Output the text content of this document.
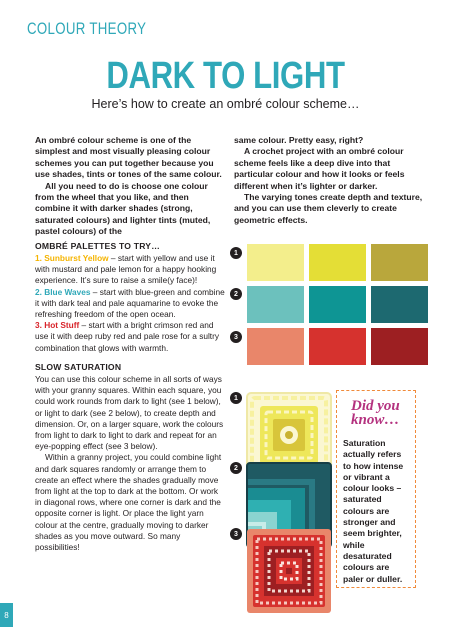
COLOUR THEORY
DARK TO LIGHT
Here’s how to create an ombré colour scheme…

An ombré colour scheme is one of the simplest and most visually pleasing colour schemes you can put together because you use shades, tints or tones of the same colour.

All you need to do is choose one colour from the wheel that you like, and then combine it with darker shades (strong, saturated colours) and lighter tints (muted, pastel colours) of the

same colour. Pretty easy, right?

A crochet project with an ombré colour scheme feels like a deep dive into that particular colour and how it looks or feels different when it’s lighter or darker.

The varying tones create depth and texture, and you can use them cleverly to create geometric effects.

OMBRÉ PALETTES TO TRY…

1. Sunburst Yellow – start with yellow and use it with mustard and pale lemon for a happy hooking experience. It’s sure to raise a smile(y face)!

2. Blue Waves – start with blue-green and combine it with dark teal and pale aquamarine to evoke the refreshing freedom of the open ocean.

3. Hot Stuff – start with a bright crimson red and use it with deep ruby red and pale rose for a sultry combination that glows with warmth.

SLOW SATURATION

You can use this colour scheme in all sorts of ways with your granny squares. Within each square, you could work rounds from dark to light (see 1 below), or light to dark (see 2 below), to create depth and dimension. Or, on a larger square, work the colours from light to dark to light to dark and repeat for an eye-popping effect (see 3 below).

Within a granny project, you could combine light and dark squares randomly or arrange them to create an effect where the shades gradually move from light at the top to dark at the bottom. Or work in diagonal rows, where one corner is dark and the opposite corner is light. Or place the light yarn colour at the centre, gradually moving to darker shades as you move outward. So many possibilities!

1
2
3
1
2
3
Did you
know…
Saturation actually refers to how intense or vibrant a colour looks – saturated colours are stronger and seem brighter, while desaturated colours are paler or duller.
8
